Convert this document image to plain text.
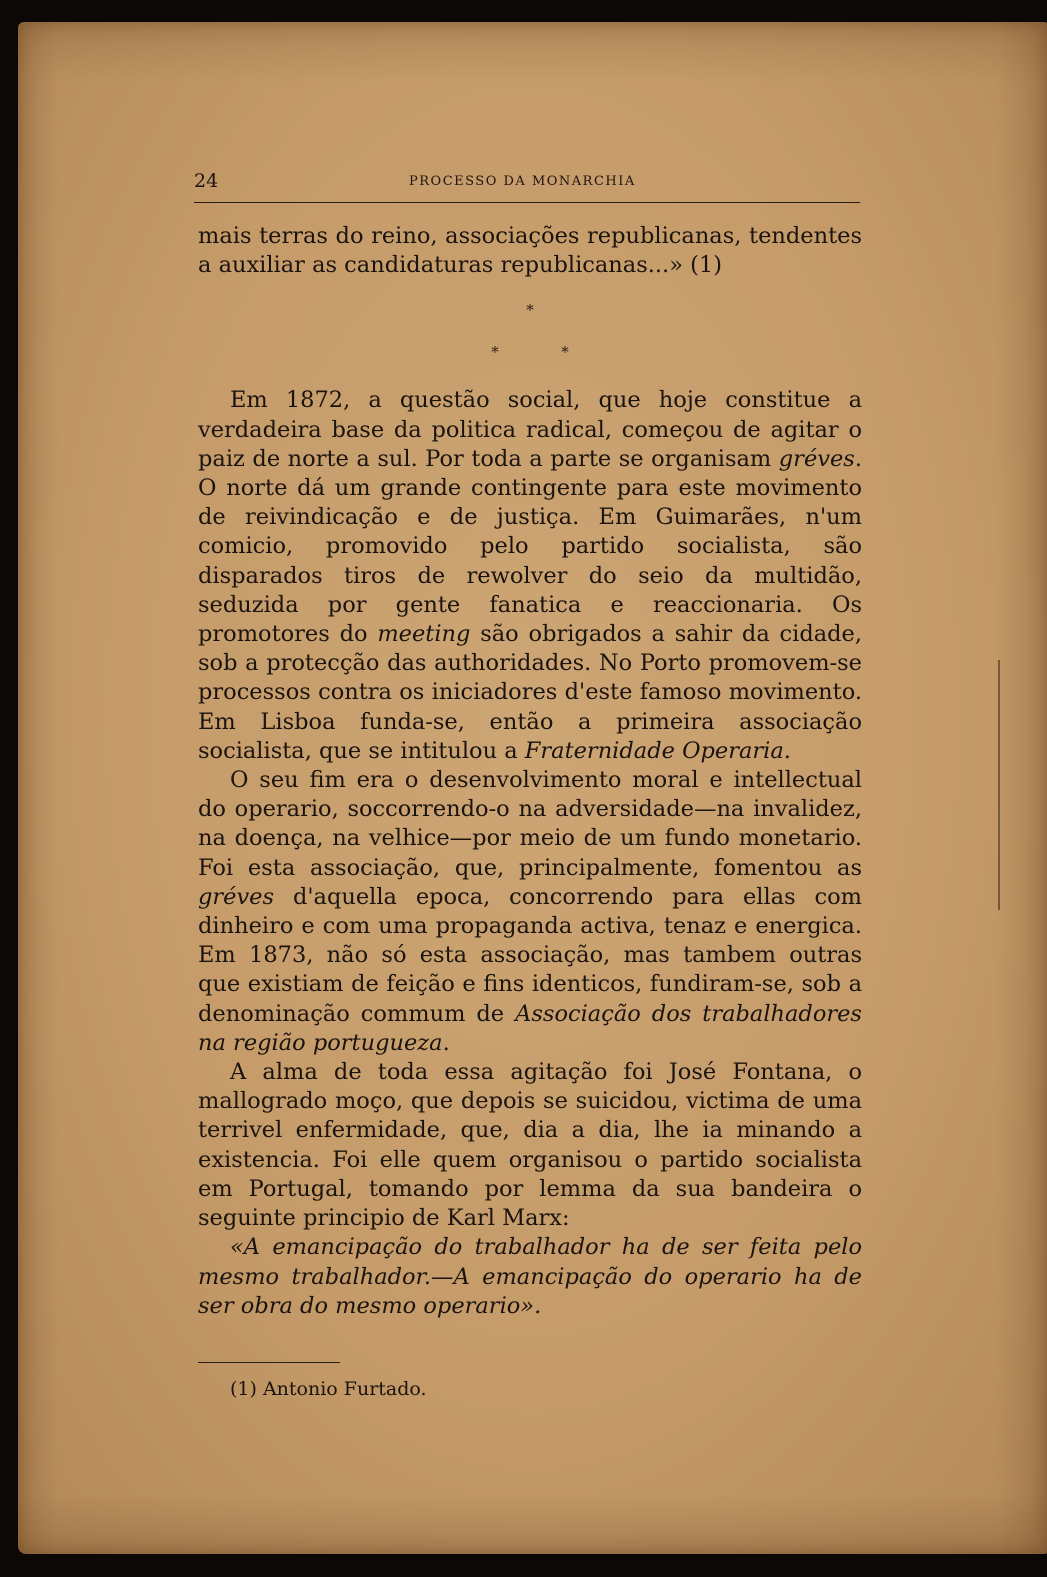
24	PROCESSO DA MONARCHIA

mais terras do reino, associações republicanas, tendentes a auxiliar as candidaturas republicanas...» (1)

*

*	*

Em 1872, a questão social, que hoje constitue a verdadeira base da politica radical, começou de agitar o paiz de norte a sul. Por toda a parte se organisam gréves. O norte dá um grande contingente para este movimento de reivindicação e de justiça. Em Guimarães, n'um comicio, promovido pelo partido socialista, são disparados tiros de rewolver do seio da multidão, seduzida por gente fanatica e reaccionaria. Os promotores do meeting são obrigados a sahir da cidade, sob a protecção das authoridades. No Porto promovem-se processos contra os iniciadores d'este famoso movimento. Em Lisboa funda-se, então a primeira associação socialista, que se intitulou a Fraternidade Operaria.

O seu fim era o desenvolvimento moral e intellectual do operario, soccorrendo-o na adversidade—na invalidez, na doença, na velhice—por meio de um fundo monetario. Foi esta associação, que, principalmente, fomentou as gréves d'aquella epoca, concorrendo para ellas com dinheiro e com uma propaganda activa, tenaz e energica. Em 1873, não só esta associação, mas tambem outras que existiam de feição e fins identicos, fundiram-se, sob a denominação commum de Associação dos trabalhadores na região portugueza.

A alma de toda essa agitação foi José Fontana, o mallogrado moço, que depois se suicidou, victima de uma terrivel enfermidade, que, dia a dia, lhe ia minando a existencia. Foi elle quem organisou o partido socialista em Portugal, tomando por lemma da sua bandeira o seguinte principio de Karl Marx:

«A emancipação do trabalhador ha de ser feita pelo mesmo trabalhador.—A emancipação do operario ha de ser obra do mesmo operario».

(1) Antonio Furtado.
